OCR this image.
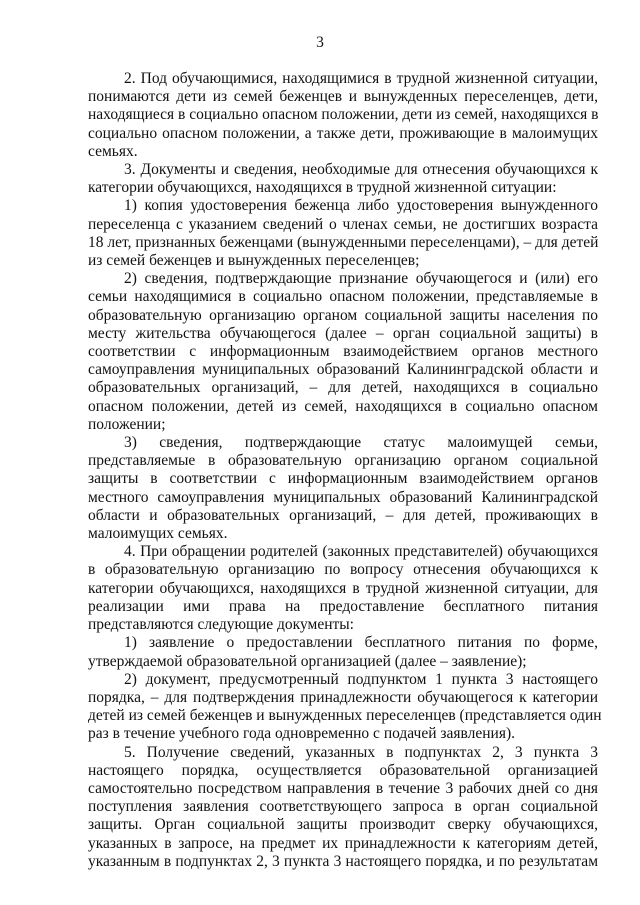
3
2. Под обучающимися, находящимися в трудной жизненной ситуации,
понимаются дети из семей беженцев и вынужденных переселенцев, дети,
находящиеся в социально опасном положении, дети из семей, находящихся в
социально опасном положении, а также дети, проживающие в малоимущих
семьях.
3. Документы и сведения, необходимые для отнесения обучающихся к
категории обучающихся, находящихся в трудной жизненной ситуации:
1) копия удостоверения беженца либо удостоверения вынужденного
переселенца с указанием сведений о членах семьи, не достигших возраста
18 лет, признанных беженцами (вынужденными переселенцами), – для детей
из семей беженцев и вынужденных переселенцев;
2) сведения, подтверждающие признание обучающегося и (или) его
семьи находящимися в социально опасном положении, представляемые в
образовательную организацию органом социальной защиты населения по
месту жительства обучающегося (далее – орган социальной защиты) в
соответствии с информационным взаимодействием органов местного
самоуправления муниципальных образований Калининградской области и
образовательных организаций, – для детей, находящихся в социально
опасном положении, детей из семей, находящихся в социально опасном
положении;
3) сведения, подтверждающие статус малоимущей семьи,
представляемые в образовательную организацию органом социальной
защиты в соответствии с информационным взаимодействием органов
местного самоуправления муниципальных образований Калининградской
области и образовательных организаций, – для детей, проживающих в
малоимущих семьях.
4. При обращении родителей (законных представителей) обучающихся
в образовательную организацию по вопросу отнесения обучающихся к
категории обучающихся, находящихся в трудной жизненной ситуации, для
реализации ими права на предоставление бесплатного питания
представляются следующие документы:
1) заявление о предоставлении бесплатного питания по форме,
утверждаемой образовательной организацией (далее – заявление);
2) документ, предусмотренный подпунктом 1 пункта 3 настоящего
порядка, – для подтверждения принадлежности обучающегося к категории
детей из семей беженцев и вынужденных переселенцев (представляется один
раз в течение учебного года одновременно с подачей заявления).
5. Получение сведений, указанных в подпунктах 2, 3 пункта 3
настоящего порядка, осуществляется образовательной организацией
самостоятельно посредством направления в течение 3 рабочих дней со дня
поступления заявления соответствующего запроса в орган социальной
защиты. Орган социальной защиты производит сверку обучающихся,
указанных в запросе, на предмет их принадлежности к категориям детей,
указанным в подпунктах 2, 3 пункта 3 настоящего порядка, и по результатам
